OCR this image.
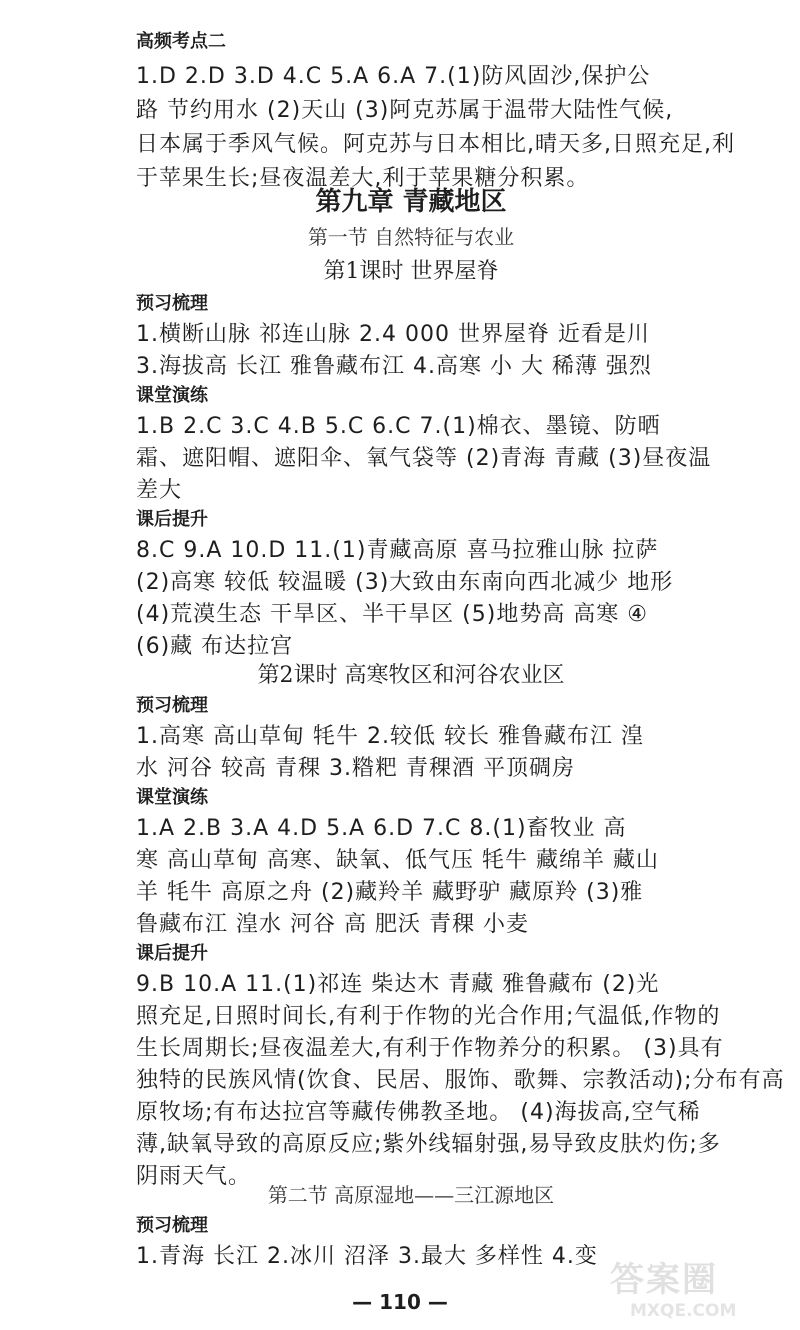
— 110 —
答案圈
MXQE.COM
高频考点二
1.D 2.D 3.D 4.C 5.A 6.A 7.(1)防风固沙,保护公
路 节约用水 (2)天山 (3)阿克苏属于温带大陆性气候,
日本属于季风气候。阿克苏与日本相比,晴天多,日照充足,利
于苹果生长;昼夜温差大,利于苹果糖分积累。
第九章 青藏地区
第一节 自然特征与农业
第1课时 世界屋脊
预习梳理
1.横断山脉 祁连山脉 2.4 000 世界屋脊 近看是川
3.海拔高 长江 雅鲁藏布江 4.高寒 小 大 稀薄 强烈
课堂演练
1.B 2.C 3.C 4.B 5.C 6.C 7.(1)棉衣、墨镜、防晒
霜、遮阳帽、遮阳伞、氧气袋等 (2)青海 青藏 (3)昼夜温
差大
课后提升
8.C 9.A 10.D 11.(1)青藏高原 喜马拉雅山脉 拉萨
(2)高寒 较低 较温暖 (3)大致由东南向西北减少 地形
(4)荒漠生态 干旱区、半干旱区 (5)地势高 高寒 ④
(6)藏 布达拉宫
第2课时 高寒牧区和河谷农业区
预习梳理
1.高寒 高山草甸 牦牛 2.较低 较长 雅鲁藏布江 湟
水 河谷 较高 青稞 3.糌粑 青稞酒 平顶碉房
课堂演练
1.A 2.B 3.A 4.D 5.A 6.D 7.C 8.(1)畜牧业 高
寒 高山草甸 高寒、缺氧、低气压 牦牛 藏绵羊 藏山
羊 牦牛 高原之舟 (2)藏羚羊 藏野驴 藏原羚 (3)雅
鲁藏布江 湟水 河谷 高 肥沃 青稞 小麦
课后提升
9.B 10.A 11.(1)祁连 柴达木 青藏 雅鲁藏布 (2)光
照充足,日照时间长,有利于作物的光合作用;气温低,作物的
生长周期长;昼夜温差大,有利于作物养分的积累。 (3)具有
独特的民族风情(饮食、民居、服饰、歌舞、宗教活动);分布有高
原牧场;有布达拉宫等藏传佛教圣地。 (4)海拔高,空气稀
薄,缺氧导致的高原反应;紫外线辐射强,易导致皮肤灼伤;多
阴雨天气。
第二节 高原湿地——三江源地区
预习梳理
1.青海 长江 2.冰川 沼泽 3.最大 多样性 4.变
